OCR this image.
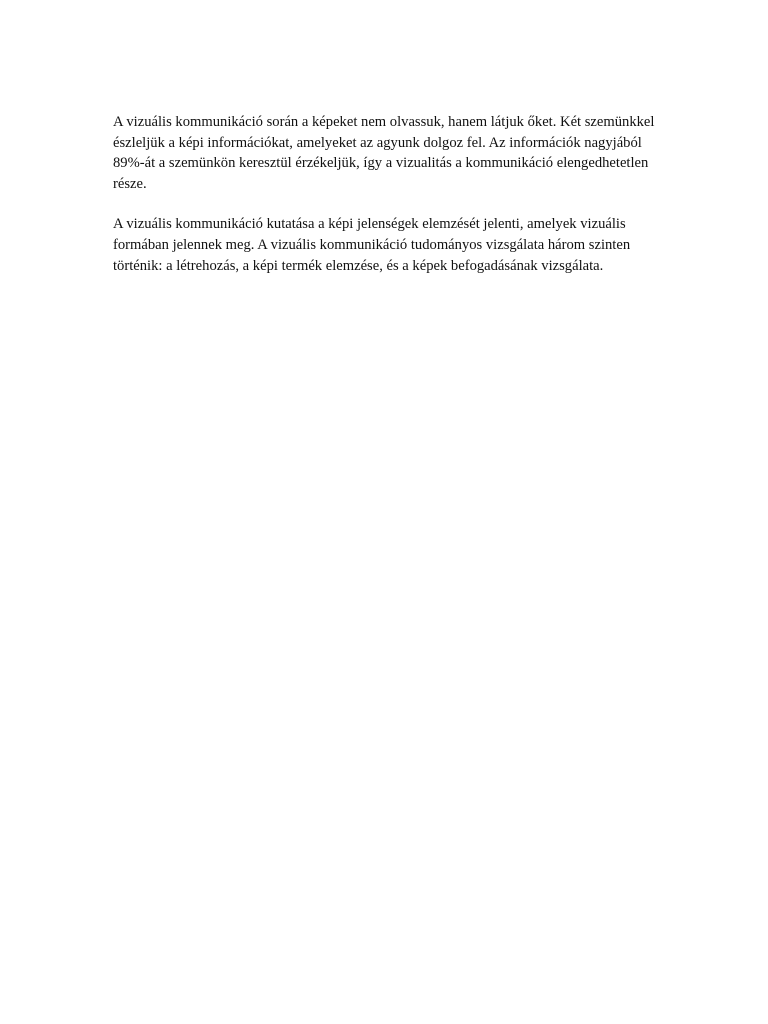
A vizuális kommunikáció során a képeket nem olvassuk, hanem látjuk őket. Két szemünkkel észleljük a képi információkat, amelyeket az agyunk dolgoz fel. Az információk nagyjából 89%-át a szemünkön keresztül érzékeljük, így a vizualitás a kommunikáció elengedhetetlen része.

A vizuális kommunikáció kutatása a képi jelenségek elemzését jelenti, amelyek vizuális formában jelennek meg. A vizuális kommunikáció tudományos vizsgálata három szinten történik: a létrehozás, a képi termék elemzése, és a képek befogadásának vizsgálata.
